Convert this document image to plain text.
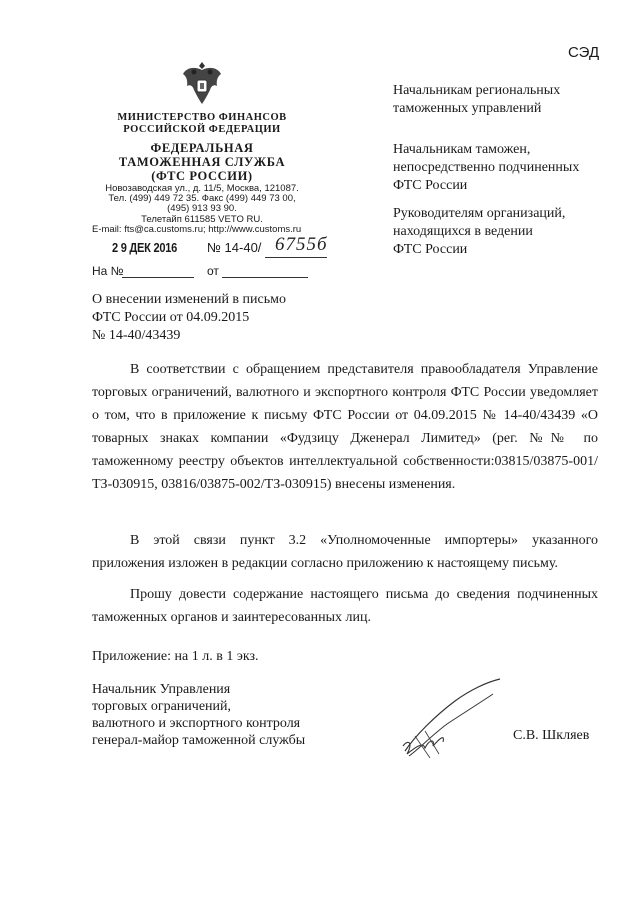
СЭД
МИНИСТЕРСТВО ФИНАНСОВ
РОССИЙСКОЙ ФЕДЕРАЦИИ
ФЕДЕРАЛЬНАЯ
ТАМОЖЕННАЯ СЛУЖБА
(ФТС РОССИИ)
Новозаводская ул., д. 11/5, Москва, 121087.
Тел. (499) 449 72 35. Факс (499) 449 73 00,
(495) 913 93 90.
Телетайп 611585 VETO RU.
E-mail: fts@ca.customs.ru; http://www.customs.ru
2 9 ДЕК 2016 № 14-40/ 6755б
На №	от
Начальникам региональных
таможенных управлений
Начальникам таможен,
непосредственно подчиненных
ФТС России
Руководителям организаций,
находящихся в ведении
ФТС России
О внесении изменений в письмо
ФТС России от 04.09.2015
№ 14-40/43439
В соответствии с обращением представителя правообладателя Управление торговых ограничений, валютного и экспортного контроля ФТС России уведомляет о том, что в приложение к письму ФТС России от 04.09.2015 № 14-40/43439 «О товарных знаках компании «Фудзицу Дженерал Лимитед» (рег. №№ по таможенному реестру объектов интеллектуальной собственности:03815/03875-001/ТЗ-030915, 03816/03875-002/ТЗ-030915) внесены изменения.
В этой связи пункт 3.2 «Уполномоченные импортеры» указанного приложения изложен в редакции согласно приложению к настоящему письму.
Прошу довести содержание настоящего письма до сведения подчиненных таможенных органов и заинтересованных лиц.
Приложение: на 1 л. в 1 экз.
Начальник Управления
торговых ограничений,
валютного и экспортного контроля
генерал-майор таможенной службы	С.В. Шкляев
